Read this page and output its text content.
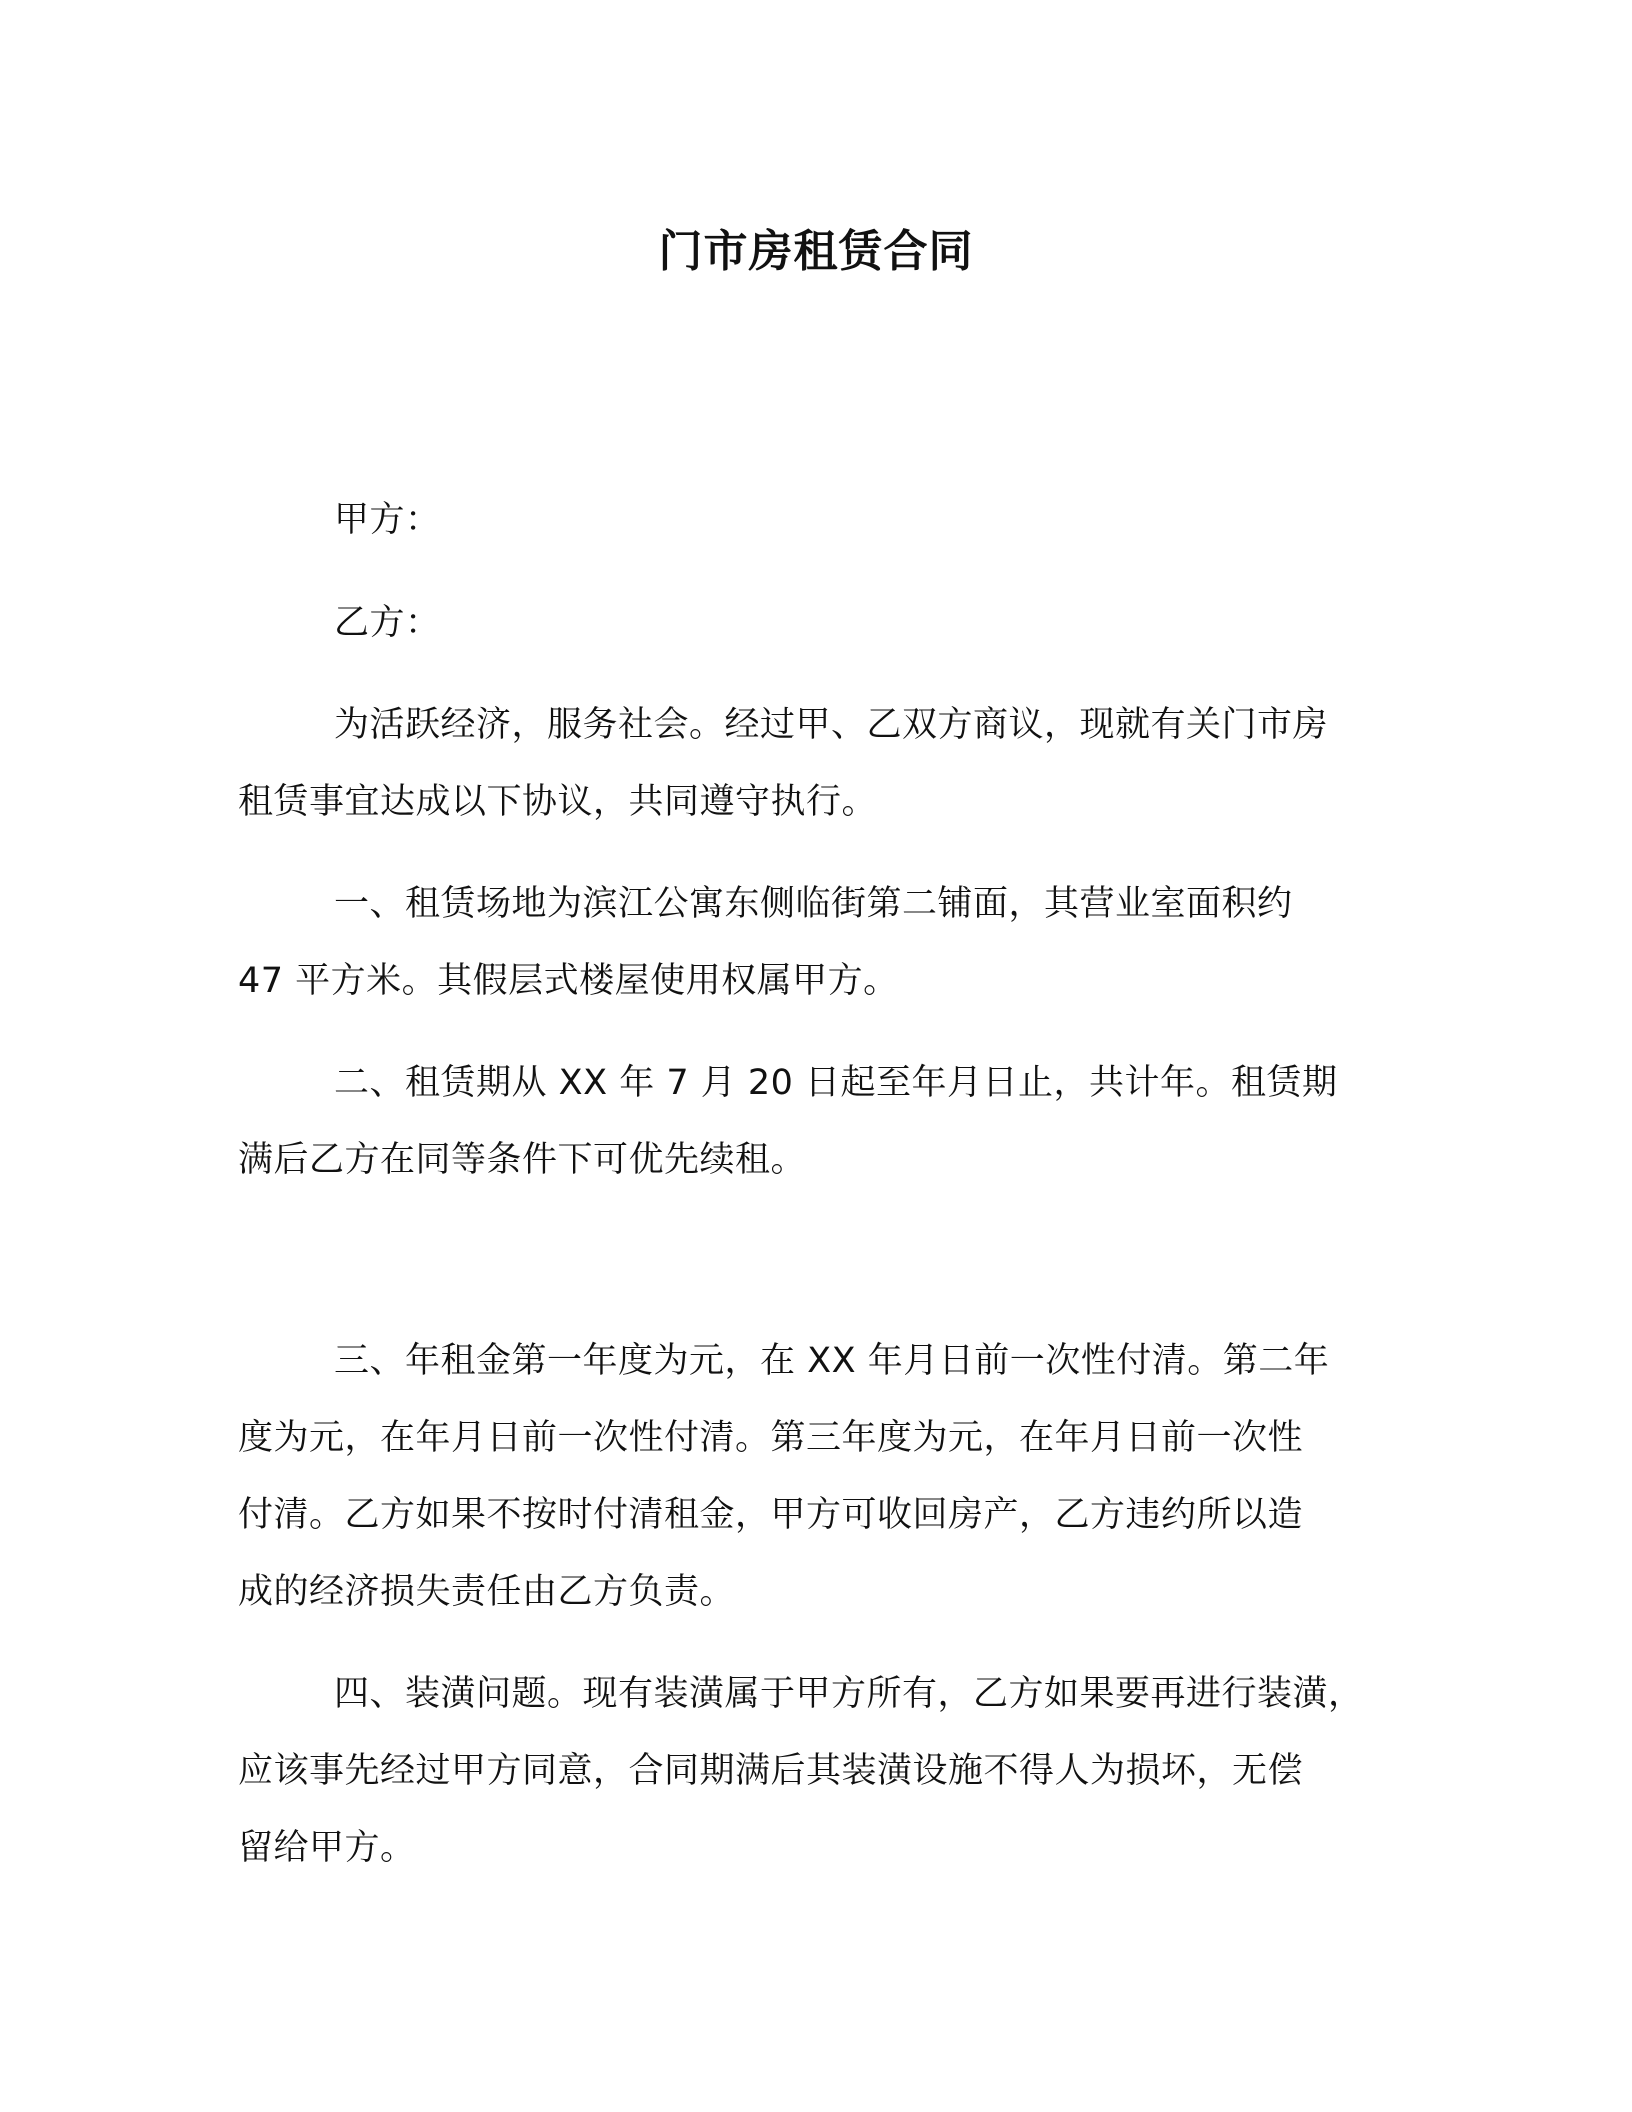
门市房租赁合同
甲方：
乙方：
为活跃经济，服务社会。经过甲、乙双方商议，现就有关门市房
租赁事宜达成以下协议，共同遵守执行。
一、租赁场地为滨江公寓东侧临街第二铺面，其营业室面积约
47 平方米。其假层式楼屋使用权属甲方。
二、租赁期从 XX 年 7 月 20 日起至年月日止，共计年。租赁期
满后乙方在同等条件下可优先续租。
三、年租金第一年度为元，在 XX 年月日前一次性付清。第二年
度为元，在年月日前一次性付清。第三年度为元，在年月日前一次性
付清。乙方如果不按时付清租金，甲方可收回房产，乙方违约所以造
成的经济损失责任由乙方负责。
四、装潢问题。现有装潢属于甲方所有，乙方如果要再进行装潢，
应该事先经过甲方同意，合同期满后其装潢设施不得人为损坏，无偿
留给甲方。
